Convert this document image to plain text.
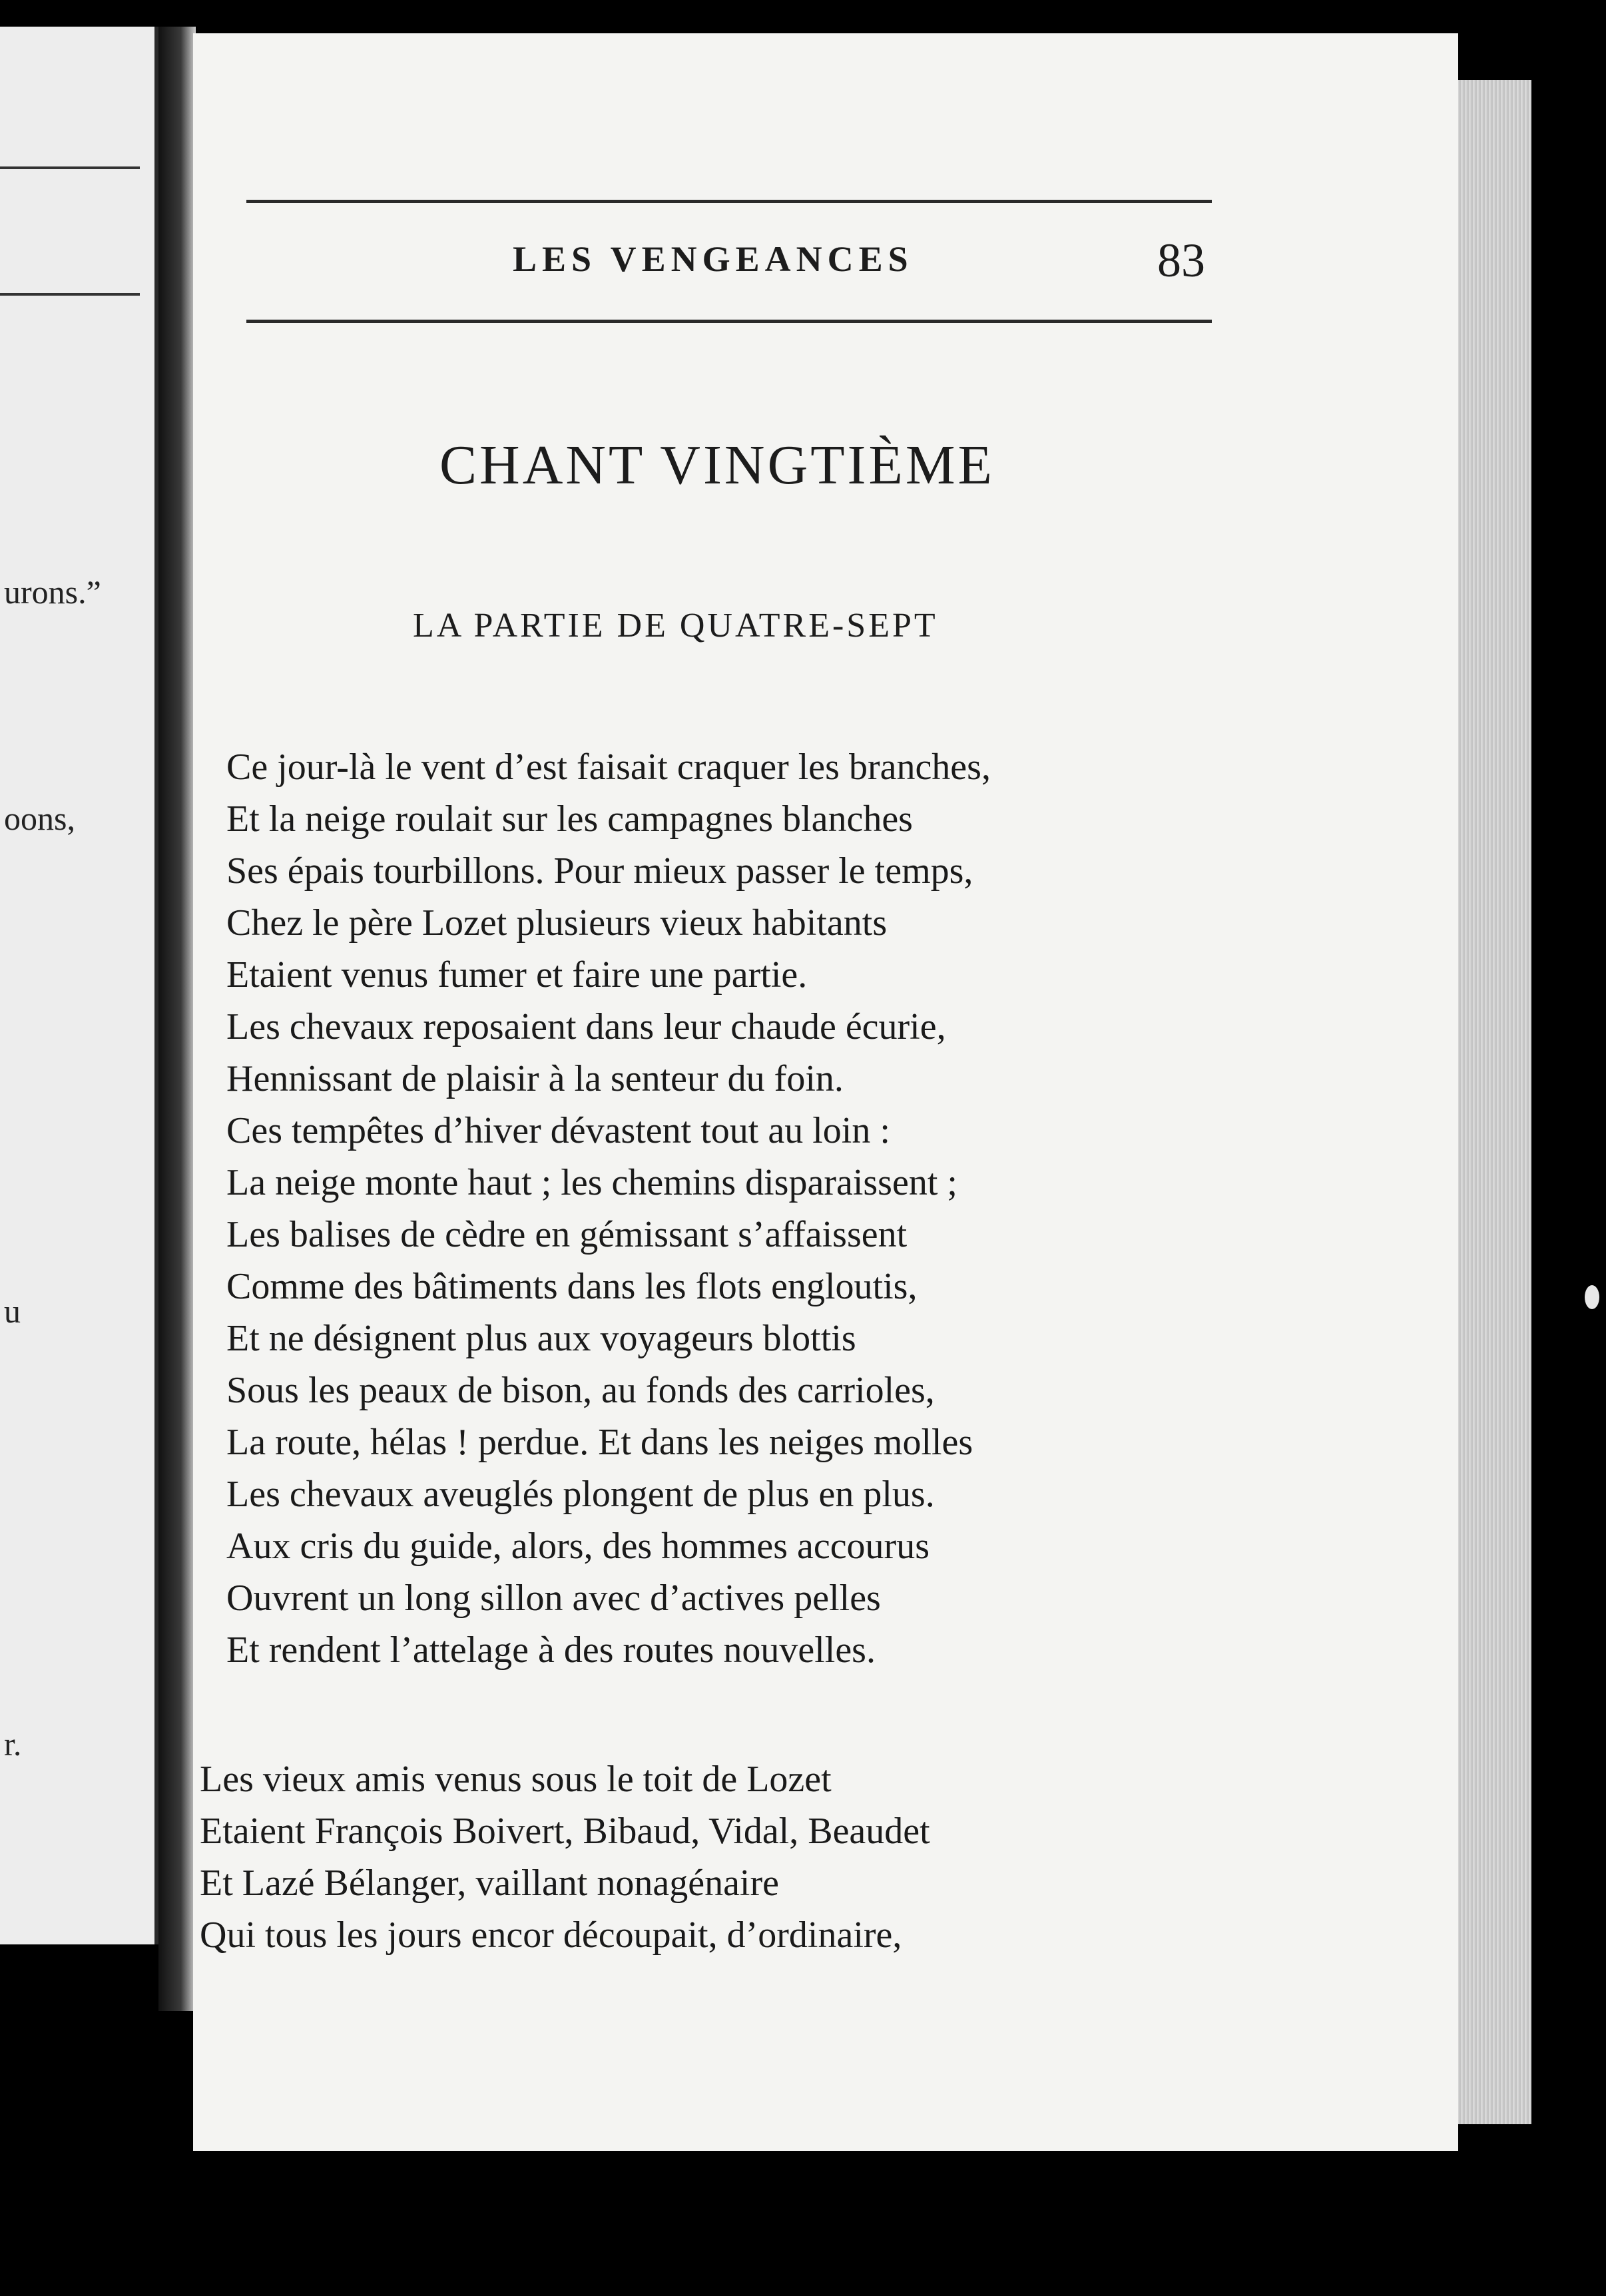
urons.”
oons,
u
r.
LES VENGEANCES	83
CHANT VINGTIÈME
LA PARTIE DE QUATRE-SEPT
Ce jour-là le vent d’est faisait craquer les branches,
Et la neige roulait sur les campagnes blanches
Ses épais tourbillons. Pour mieux passer le temps,
Chez le père Lozet plusieurs vieux habitants
Etaient venus fumer et faire une partie.
Les chevaux reposaient dans leur chaude écurie,
Hennissant de plaisir à la senteur du foin.
Ces tempêtes d’hiver dévastent tout au loin :
La neige monte haut ; les chemins disparaissent ;
Les balises de cèdre en gémissant s’affaissent
Comme des bâtiments dans les flots engloutis,
Et ne désignent plus aux voyageurs blottis
Sous les peaux de bison, au fonds des carrioles,
La route, hélas ! perdue. Et dans les neiges molles
Les chevaux aveuglés plongent de plus en plus.
Aux cris du guide, alors, des hommes accourus
Ouvrent un long sillon avec d’actives pelles
Et rendent l’attelage à des routes nouvelles.
Les vieux amis venus sous le toit de Lozet
Etaient François Boivert, Bibaud, Vidal, Beaudet
Et Lazé Bélanger, vaillant nonagénaire
Qui tous les jours encor découpait, d’ordinaire,
